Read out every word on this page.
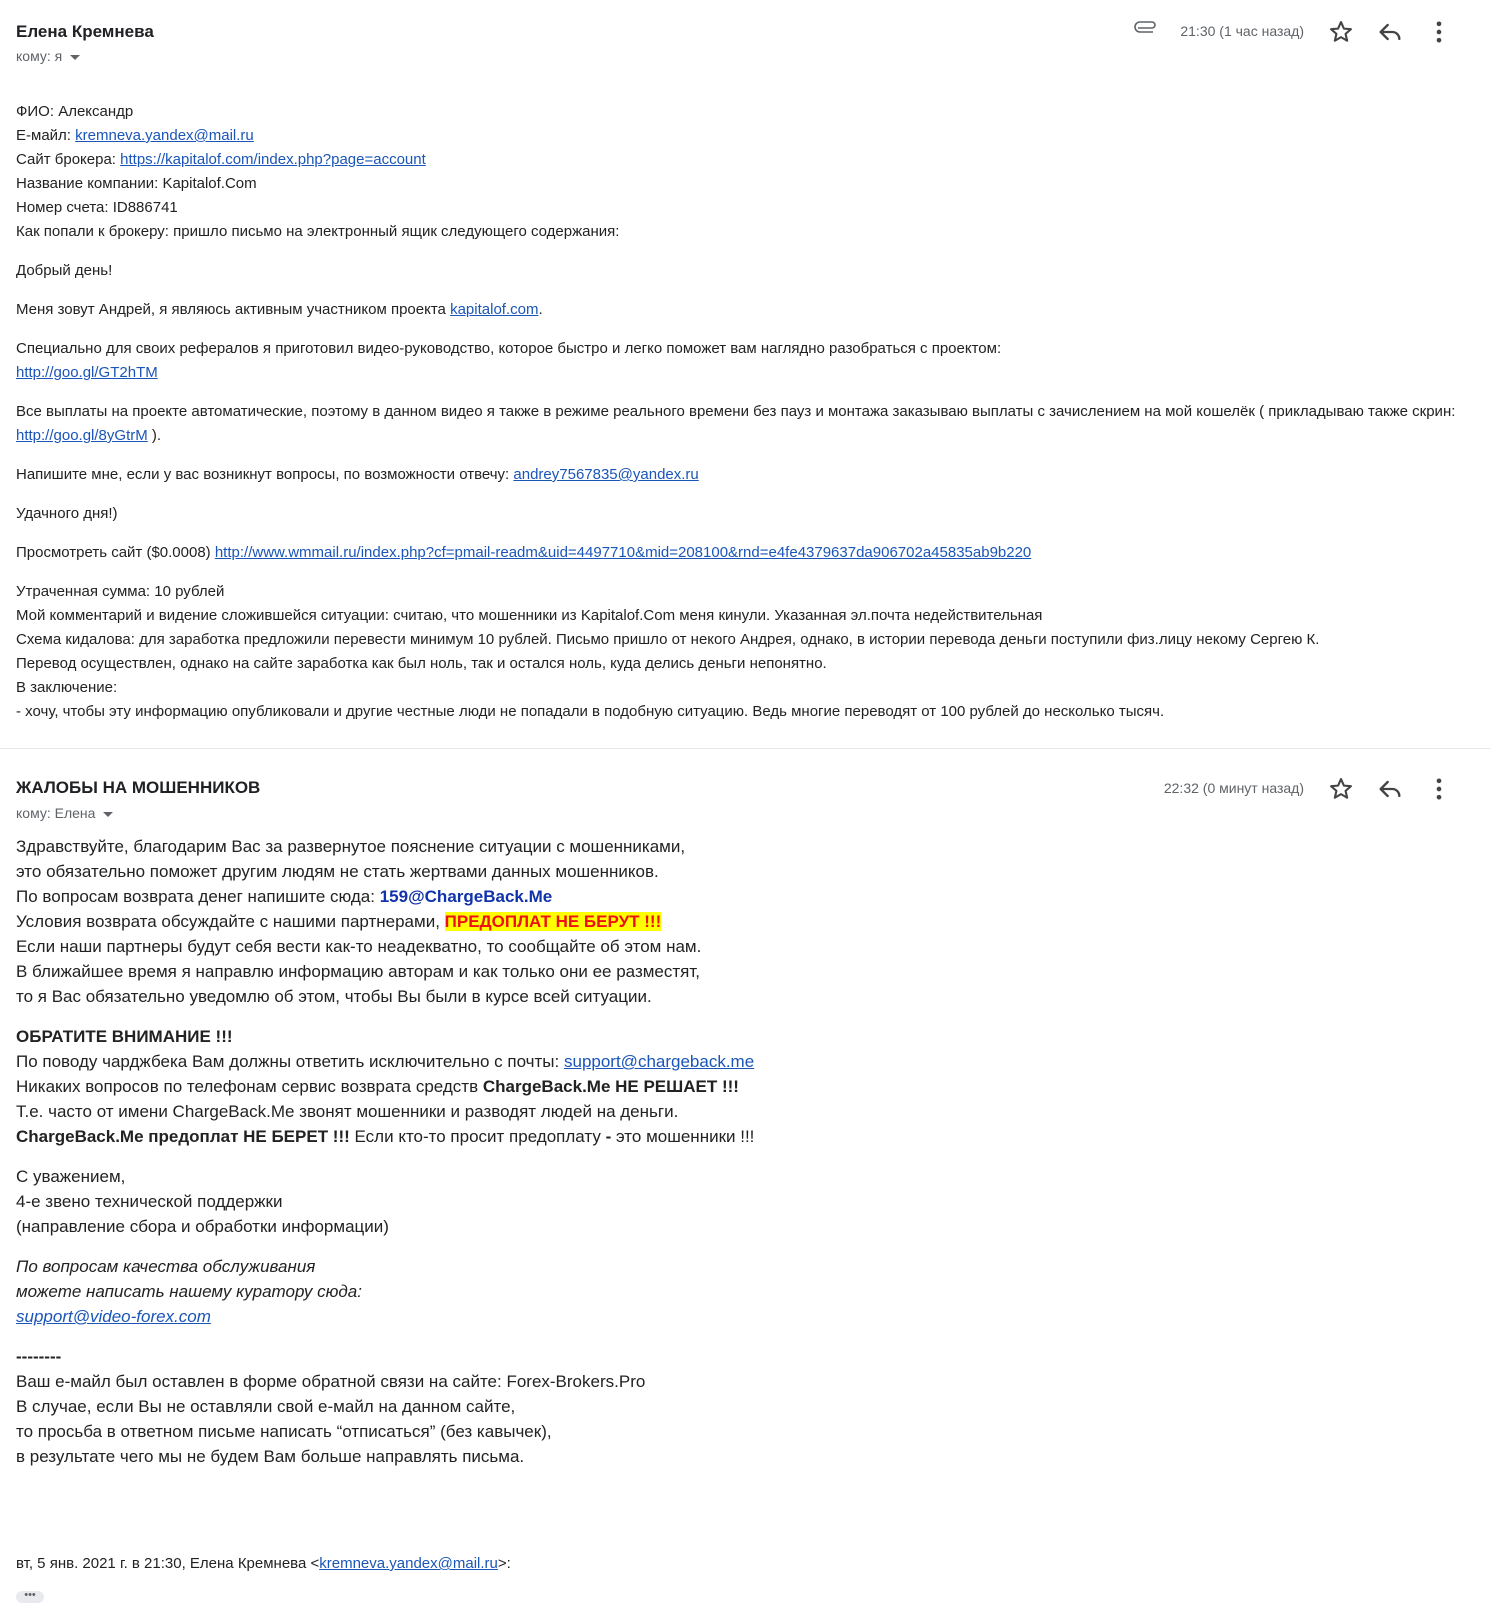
Елена Кремнева
кому: я
21:30 (1 час назад)

ФИО: Александр

Е-майл: kremneva.yandex@mail.ru

Сайт брокера: https://kapitalof.com/index.php?page=account

Название компании: Kapitalof.Com

Номер счета: ID886741

Как попали к брокеру: пришло письмо на электронный ящик следующего содержания:

Добрый день!

Меня зовут Андрей, я являюсь активным участником проекта kapitalof.com.

Специально для своих рефералов я приготовил видео-руководство, которое быстро и легко поможет вам наглядно разобраться с проектом:

http://goo.gl/GT2hTM

Все выплаты на проекте автоматические, поэтому в данном видео я также в режиме реального времени без пауз и монтажа заказываю выплаты с зачислением на мой кошелёк ( прикладываю также скрин: http://goo.gl/8yGtrM ).

Напишите мне, если у вас возникнут вопросы, по возможности отвечу: andrey7567835@yandex.ru

Удачного дня!)

Просмотреть сайт ($0.0008) http://www.wmmail.ru/index.php?cf=pmail-readm&uid=4497710&mid=208100&rnd=e4fe4379637da906702a45835ab9b220

Утраченная сумма: 10 рублей

Мой комментарий и видение сложившейся ситуации: считаю, что мошенники из Kapitalof.Com меня кинули. Указанная эл.почта недействительная

Схема кидалова: для заработка предложили перевести минимум 10 рублей. Письмо пришло от некого Андрея, однако, в истории перевода деньги поступили физ.лицу некому Сергею К.

Перевод осуществлен, однако на сайте заработка как был ноль, так и остался ноль, куда делись деньги непонятно.

В заключение:

- хочу, чтобы эту информацию опубликовали и другие честные люди не попадали в подобную ситуацию. Ведь многие переводят от 100 рублей до несколько тысяч.

ЖАЛОБЫ НА МОШЕННИКОВ
кому: Елена
22:32 (0 минут назад)

Здравствуйте, благодарим Вас за развернутое пояснение ситуации с мошенниками,

это обязательно поможет другим людям не стать жертвами данных мошенников.

По вопросам возврата денег напишите сюда: 159@ChargeBack.Me

Условия возврата обсуждайте с нашими партнерами, ПРЕДОПЛАТ НЕ БЕРУТ !!!

Если наши партнеры будут себя вести как-то неадекватно, то сообщайте об этом нам.

В ближайшее время я направлю информацию авторам и как только они ее разместят,

то я Вас обязательно уведомлю об этом, чтобы Вы были в курсе всей ситуации.

ОБРАТИТЕ ВНИМАНИЕ !!!

По поводу чарджбека Вам должны ответить исключительно с почты: support@chargeback.me

Никаких вопросов по телефонам сервис возврата средств ChargeBack.Me НЕ РЕШАЕТ !!!

Т.е. часто от имени ChargeBack.Me звонят мошенники и разводят людей на деньги.

ChargeBack.Me предоплат НЕ БЕРЕТ !!! Если кто-то просит предоплату - это мошенники !!!

С уважением,

4-е звено технической поддержки

(направление сбора и обработки информации)

По вопросам качества обслуживания

можете написать нашему куратору сюда:

support@video-forex.com

--------

Ваш е-майл был оставлен в форме обратной связи на сайте: Forex-Brokers.Pro

В случае, если Вы не оставляли свой е-майл на данном сайте,

то просьба в ответном письме написать “отписаться” (без кавычек),

в результате чего мы не будем Вам больше направлять письма.

вт, 5 янв. 2021 г. в 21:30, Елена Кремнева <kremneva.yandex@mail.ru>:
•••
